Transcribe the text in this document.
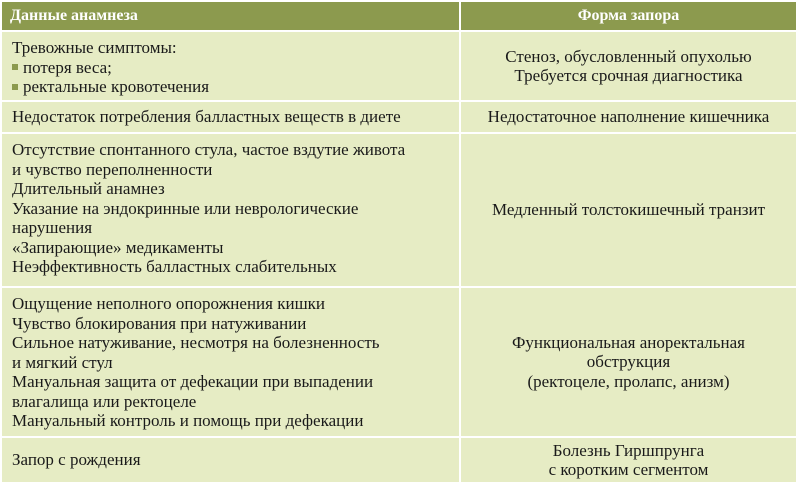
Данные анамнеза	Форма запора
Тревожные симптомы:
потеря веса;
ректальные кровотечения
Стеноз, обусловленный опухолью
Требуется срочная диагностика
Недостаток потребления балластных веществ в диете	Недостаточное наполнение кишечника
Отсутствие спонтанного стула, частое вздутие живота
и чувство переполненности
Длительный анамнез
Указание на эндокринные или неврологические
нарушения
«Запирающие» медикаменты
Неэффективность балластных слабительных
Медленный толстокишечный транзит
Ощущение неполного опорожнения кишки
Чувство блокирования при натуживании
Сильное натуживание, несмотря на болезненность
и мягкий стул
Мануальная защита от дефекации при выпадении
влагалища или ректоцеле
Мануальный контроль и помощь при дефекации
Функциональная аноректальная
обструкция
(ректоцеле, пролапс, анизм)
Запор с рождения
Болезнь Гиршпрунга
с коротким сегментом
